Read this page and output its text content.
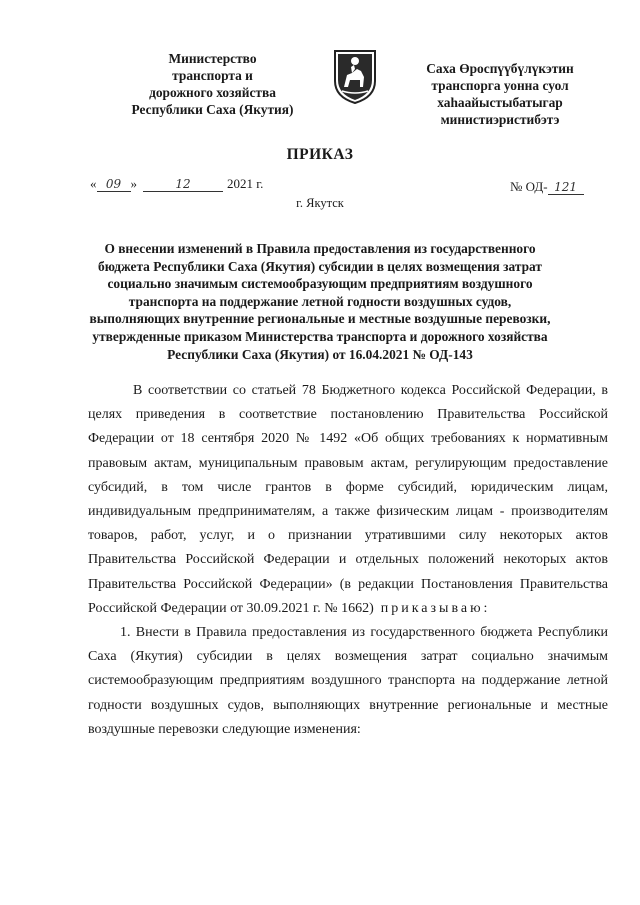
Министерство
транспорта и
дорожного хозяйства
Республики Саха (Якутия)
Саха Өроспүүбүлүкэтин
транспорга уонна суол
хаһаайыстыбатыгар
министиэристибэтэ
ПРИКАЗ
« 09 »	12	2021 г.	№ ОД- 121
г. Якутск
О внесении изменений в Правила предоставления из государственного бюджета Республики Саха (Якутия) субсидии в целях возмещения затрат социально значимым системообразующим предприятиям воздушного транспорта на поддержание летной годности воздушных судов, выполняющих внутренние региональные и местные воздушные перевозки, утвержденные приказом Министерства транспорта и дорожного хозяйства Республики Саха (Якутия) от 16.04.2021 № ОД-143

В соответствии со статьей 78 Бюджетного кодекса Российской Федерации, в целях приведения в соответствие постановлению Правительства Российской Федерации от 18 сентября 2020 № 1492 «Об общих требованиях к нормативным правовым актам, муниципальным правовым актам, регулирующим предоставление субсидий, в том числе грантов в форме субсидий, юридическим лицам, индивидуальным предпринимателям, а также физическим лицам - производителям товаров, работ, услуг, и о признании утратившими силу некоторых актов Правительства Российской Федерации и отдельных положений некоторых актов Правительства Российской Федерации» (в редакции Постановления Правительства Российской Федерации от 30.09.2021 г. № 1662) приказываю:

1. Внести в Правила предоставления из государственного бюджета Республики Саха (Якутия) субсидии в целях возмещения затрат социально значимым системообразующим предприятиям воздушного транспорта на поддержание летной годности воздушных судов, выполняющих внутренние региональные и местные воздушные перевозки следующие изменения:
